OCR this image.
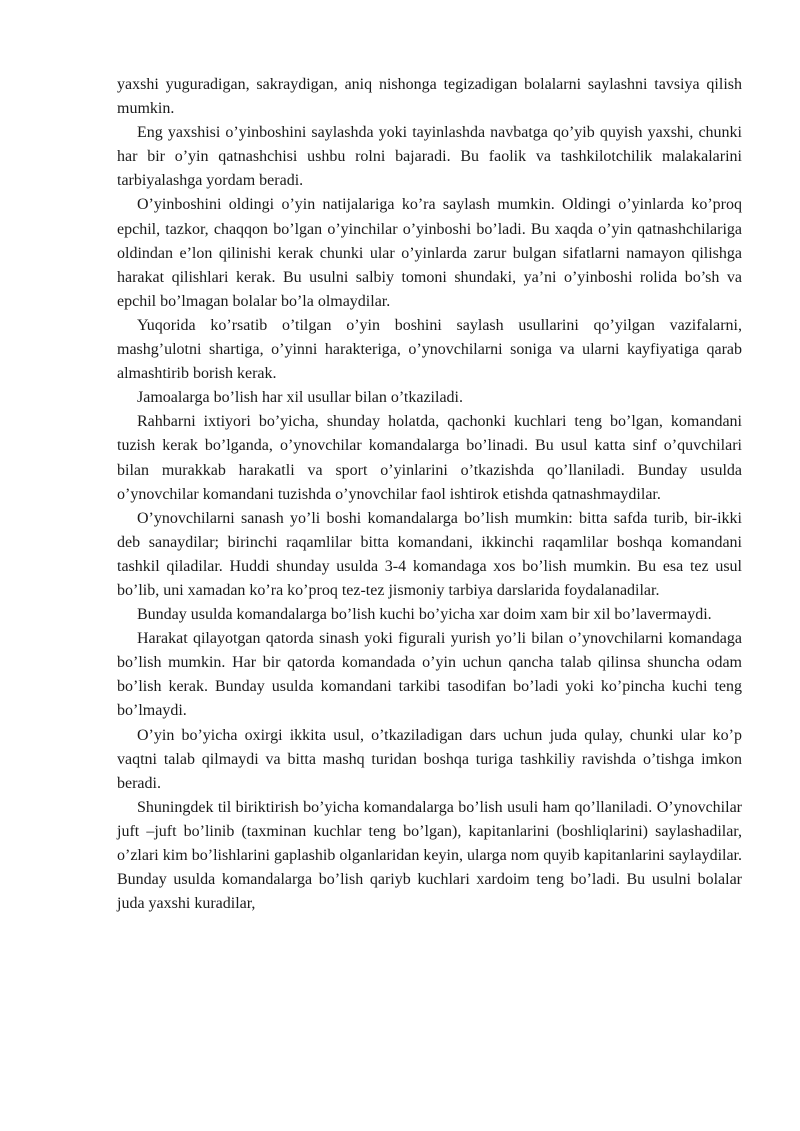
yaxshi yuguradigan, sakraydigan, aniq nishonga tegizadigan bolalarni saylashni tavsiya qilish mumkin.

Eng yaxshisi o’yinboshini saylashda yoki tayinlashda navbatga qo’yib quyish yaxshi, chunki har bir o’yin qatnashchisi ushbu rolni bajaradi. Bu faolik va tashkilotchilik malakalarini tarbiyalashga yordam beradi.

O’yinboshini oldingi o’yin natijalariga ko’ra saylash mumkin. Oldingi o’yinlarda ko’proq epchil, tazkor, chaqqon bo’lgan o’yinchilar o’yinboshi bo’ladi. Bu xaqda o’yin qatnashchilariga oldindan e’lon qilinishi kerak chunki ular o’yinlarda zarur bulgan sifatlarni namayon qilishga harakat qilishlari kerak. Bu usulni salbiy tomoni shundaki, ya’ni o’yinboshi rolida bo’sh va epchil bo’lmagan bolalar bo’la olmaydilar.

Yuqorida ko’rsatib o’tilgan o’yin boshini saylash usullarini qo’yilgan vazifalarni, mashg’ulotni shartiga, o’yinni harakteriga, o’ynovchilarni soniga va ularni kayfiyatiga qarab almashtirib borish kerak.

Jamoalarga bo’lish har xil usullar bilan o’tkaziladi.

Rahbarni ixtiyori bo’yicha, shunday holatda, qachonki kuchlari teng bo’lgan, komandani tuzish kerak bo’lganda, o’ynovchilar komandalarga bo’linadi. Bu usul katta sinf o’quvchilari bilan murakkab harakatli va sport o’yinlarini o’tkazishda qo’llaniladi. Bunday usulda o’ynovchilar komandani tuzishda o’ynovchilar faol ishtirok etishda qatnashmaydilar.

O’ynovchilarni sanash yo’li boshi komandalarga bo’lish mumkin: bitta safda turib, bir-ikki deb sanaydilar; birinchi raqamlilar bitta komandani, ikkinchi raqamlilar boshqa komandani tashkil qiladilar. Huddi shunday usulda 3-4 komandaga xos bo’lish mumkin. Bu esa tez usul bo’lib, uni xamadan ko’ra ko’proq tez-tez jismoniy tarbiya darslarida foydalanadilar.

Bunday usulda komandalarga bo’lish kuchi bo’yicha xar doim xam bir xil bo’lavermaydi.

Harakat qilayotgan qatorda sinash yoki figurali yurish yo’li bilan o’ynovchilarni komandaga bo’lish mumkin. Har bir qatorda komandada o’yin uchun qancha talab qilinsa shuncha odam bo’lish kerak. Bunday usulda komandani tarkibi tasodifan bo’ladi yoki ko’pincha kuchi teng bo’lmaydi.

O’yin bo’yicha oxirgi ikkita usul, o’tkaziladigan dars uchun juda qulay, chunki ular ko’p vaqtni talab qilmaydi va bitta mashq turidan boshqa turiga tashkiliy ravishda o’tishga imkon beradi.

Shuningdek til biriktirish bo’yicha komandalarga bo’lish usuli ham qo’llaniladi. O’ynovchilar juft –juft bo’linib (taxminan kuchlar teng bo’lgan), kapitanlarini (boshliqlarini) saylashadilar, o’zlari kim bo’lishlarini gaplashib olganlaridan keyin, ularga nom quyib kapitanlarini saylaydilar. Bunday usulda komandalarga bo’lish qariyb kuchlari xardoim teng bo’ladi. Bu usulni bolalar juda yaxshi kuradilar,
